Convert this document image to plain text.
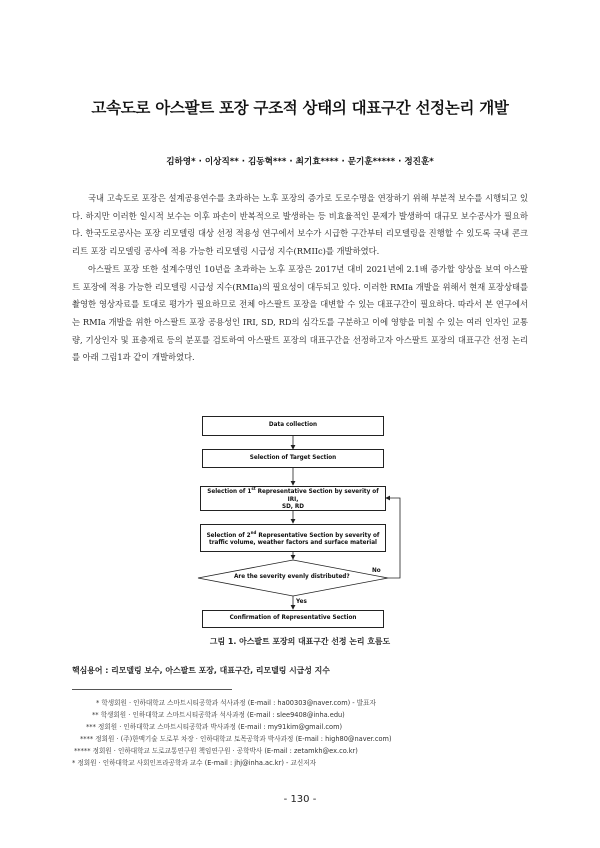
고속도로 아스팔트 포장 구조적 상태의 대표구간 선정논리 개발
김하영* · 이상직** · 김동혁*** · 최기효**** · 문기훈***** · 정진훈*

국내 고속도로 포장은 설계공용연수를 초과하는 노후 포장의 증가로 도로수명을 연장하기 위해 부분적 보수를 시행되고 있다. 하지만 이러한 일시적 보수는 이후 파손이 반복적으로 발생하는 등 비효율적인 문제가 발생하여 대규모 보수공사가 필요하다. 한국도로공사는 포장 리모델링 대상 선정 적용성 연구에서 보수가 시급한 구간부터 리모델링을 진행할 수 있도록 국내 콘크리트 포장 리모델링 공사에 적용 가능한 리모델링 시급성 지수(RMIIc)를 개발하였다.

아스팔트 포장 또한 설계수명인 10년을 초과하는 노후 포장은 2017년 대비 2021년에 2.1배 증가할 양상을 보여 아스팔트 포장에 적용 가능한 리모델링 시급성 지수(RMIa)의 필요성이 대두되고 있다. 이러한 RMIa 개발을 위해서 현재 포장상태를 촬영한 영상자료를 토대로 평가가 필요하므로 전체 아스팔트 포장을 대변할 수 있는 대표구간이 필요하다. 따라서 본 연구에서는 RMIa 개발을 위한 아스팔트 포장 공용성인 IRI, SD, RD의 심각도를 구분하고 이에 영향을 미칠 수 있는 여러 인자인 교통량, 기상인자 및 표층재료 등의 분포를 검토하여 아스팔트 포장의 대표구간을 선정하고자 아스팔트 포장의 대표구간 선정 논리를 아래 그림1과 같이 개발하였다.

Data collection
Selection of Target Section
Selection of 1st Representative Section by severity of IRI,
SD, RD
Selection of 2nd Representative Section by severity of
traffic volume, weather factors and surface material
Are the severity evenly distributed?
No
Yes
Confirmation of Representative Section
그림 1. 아스팔트 포장의 대표구간 선정 논리 흐름도
핵심용어 : 리모델링 보수, 아스팔트 포장, 대표구간, 리모델링 시급성 지수
* 학생회원 · 인하대학교 스마트시티공학과 석사과정 (E-mail : ha00303@naver.com) - 발표자
** 학생회원 · 인하대학교 스마트시티공학과 석사과정 (E-mail : slee9408@inha.edu)
*** 정회원 · 인하대학교 스마트시티공학과 박사과정 (E-mail : my91kim@gmail.com)
**** 정회원 · (주)한맥기술 도로부 차장 · 인하대학교 토목공학과 박사과정 (E-mail : high80@naver.com)
***** 정회원 · 인하대학교 도로교통연구원 책임연구원 · 공학박사 (E-mail : zetamkh@ex.co.kr)
* 정회원 · 인하대학교 사회인프라공학과 교수 (E-mail : jhj@inha.ac.kr) - 교신저자
- 130 -
